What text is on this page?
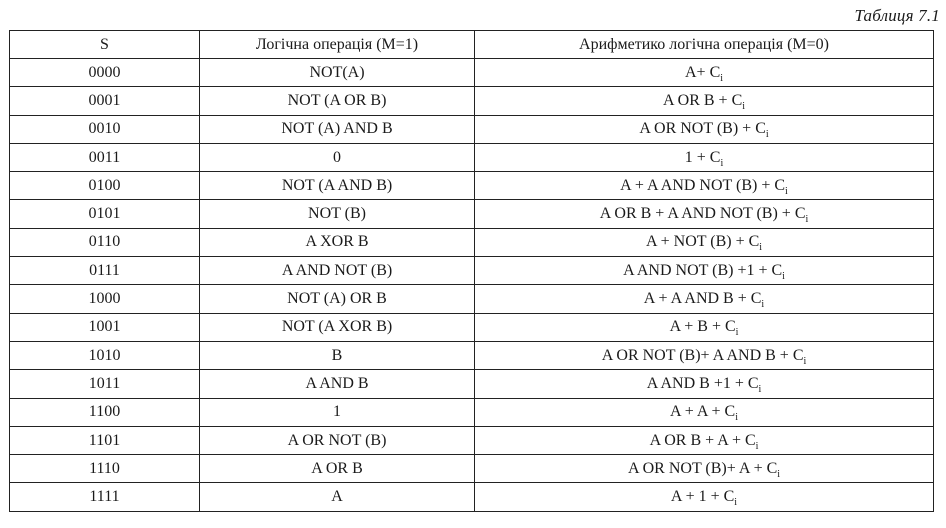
Таблиця 7.1
S	Логічна операція (M=1)	Арифметико логічна операція (M=0)
0000	NOT(A)	$A+ C_i$
0001	NOT (A OR B)	A OR $B + C_i$
0010	NOT (A) AND B	A OR NOT $(B) + C_i$
0011	0	$1 + C_i$
0100	NOT (A AND B)	A + A AND NOT $(B) + C_i$
0101	NOT (B)	A OR B + A AND NOT $(B) + C_i$
0110	A XOR B	A + NOT $(B) + C_i$
0111	A AND NOT (B)	A AND NOT $(B) +1 + C_i$
1000	NOT (A) OR B	A + A AND $B + C_i$
1001	NOT (A XOR B)	$A + B + C_i$
1010	B	A OR NOT (B)+ A AND $B + C_i$
1011	A AND B	A AND $B +1 + C_i$
1100	1	$A + A + C_i$
1101	A OR NOT (B)	A OR $B + A + C_i$
1110	A OR B	A OR NOT $(B)+ A + C_i$
1111	A	$A + 1 + C_i$
